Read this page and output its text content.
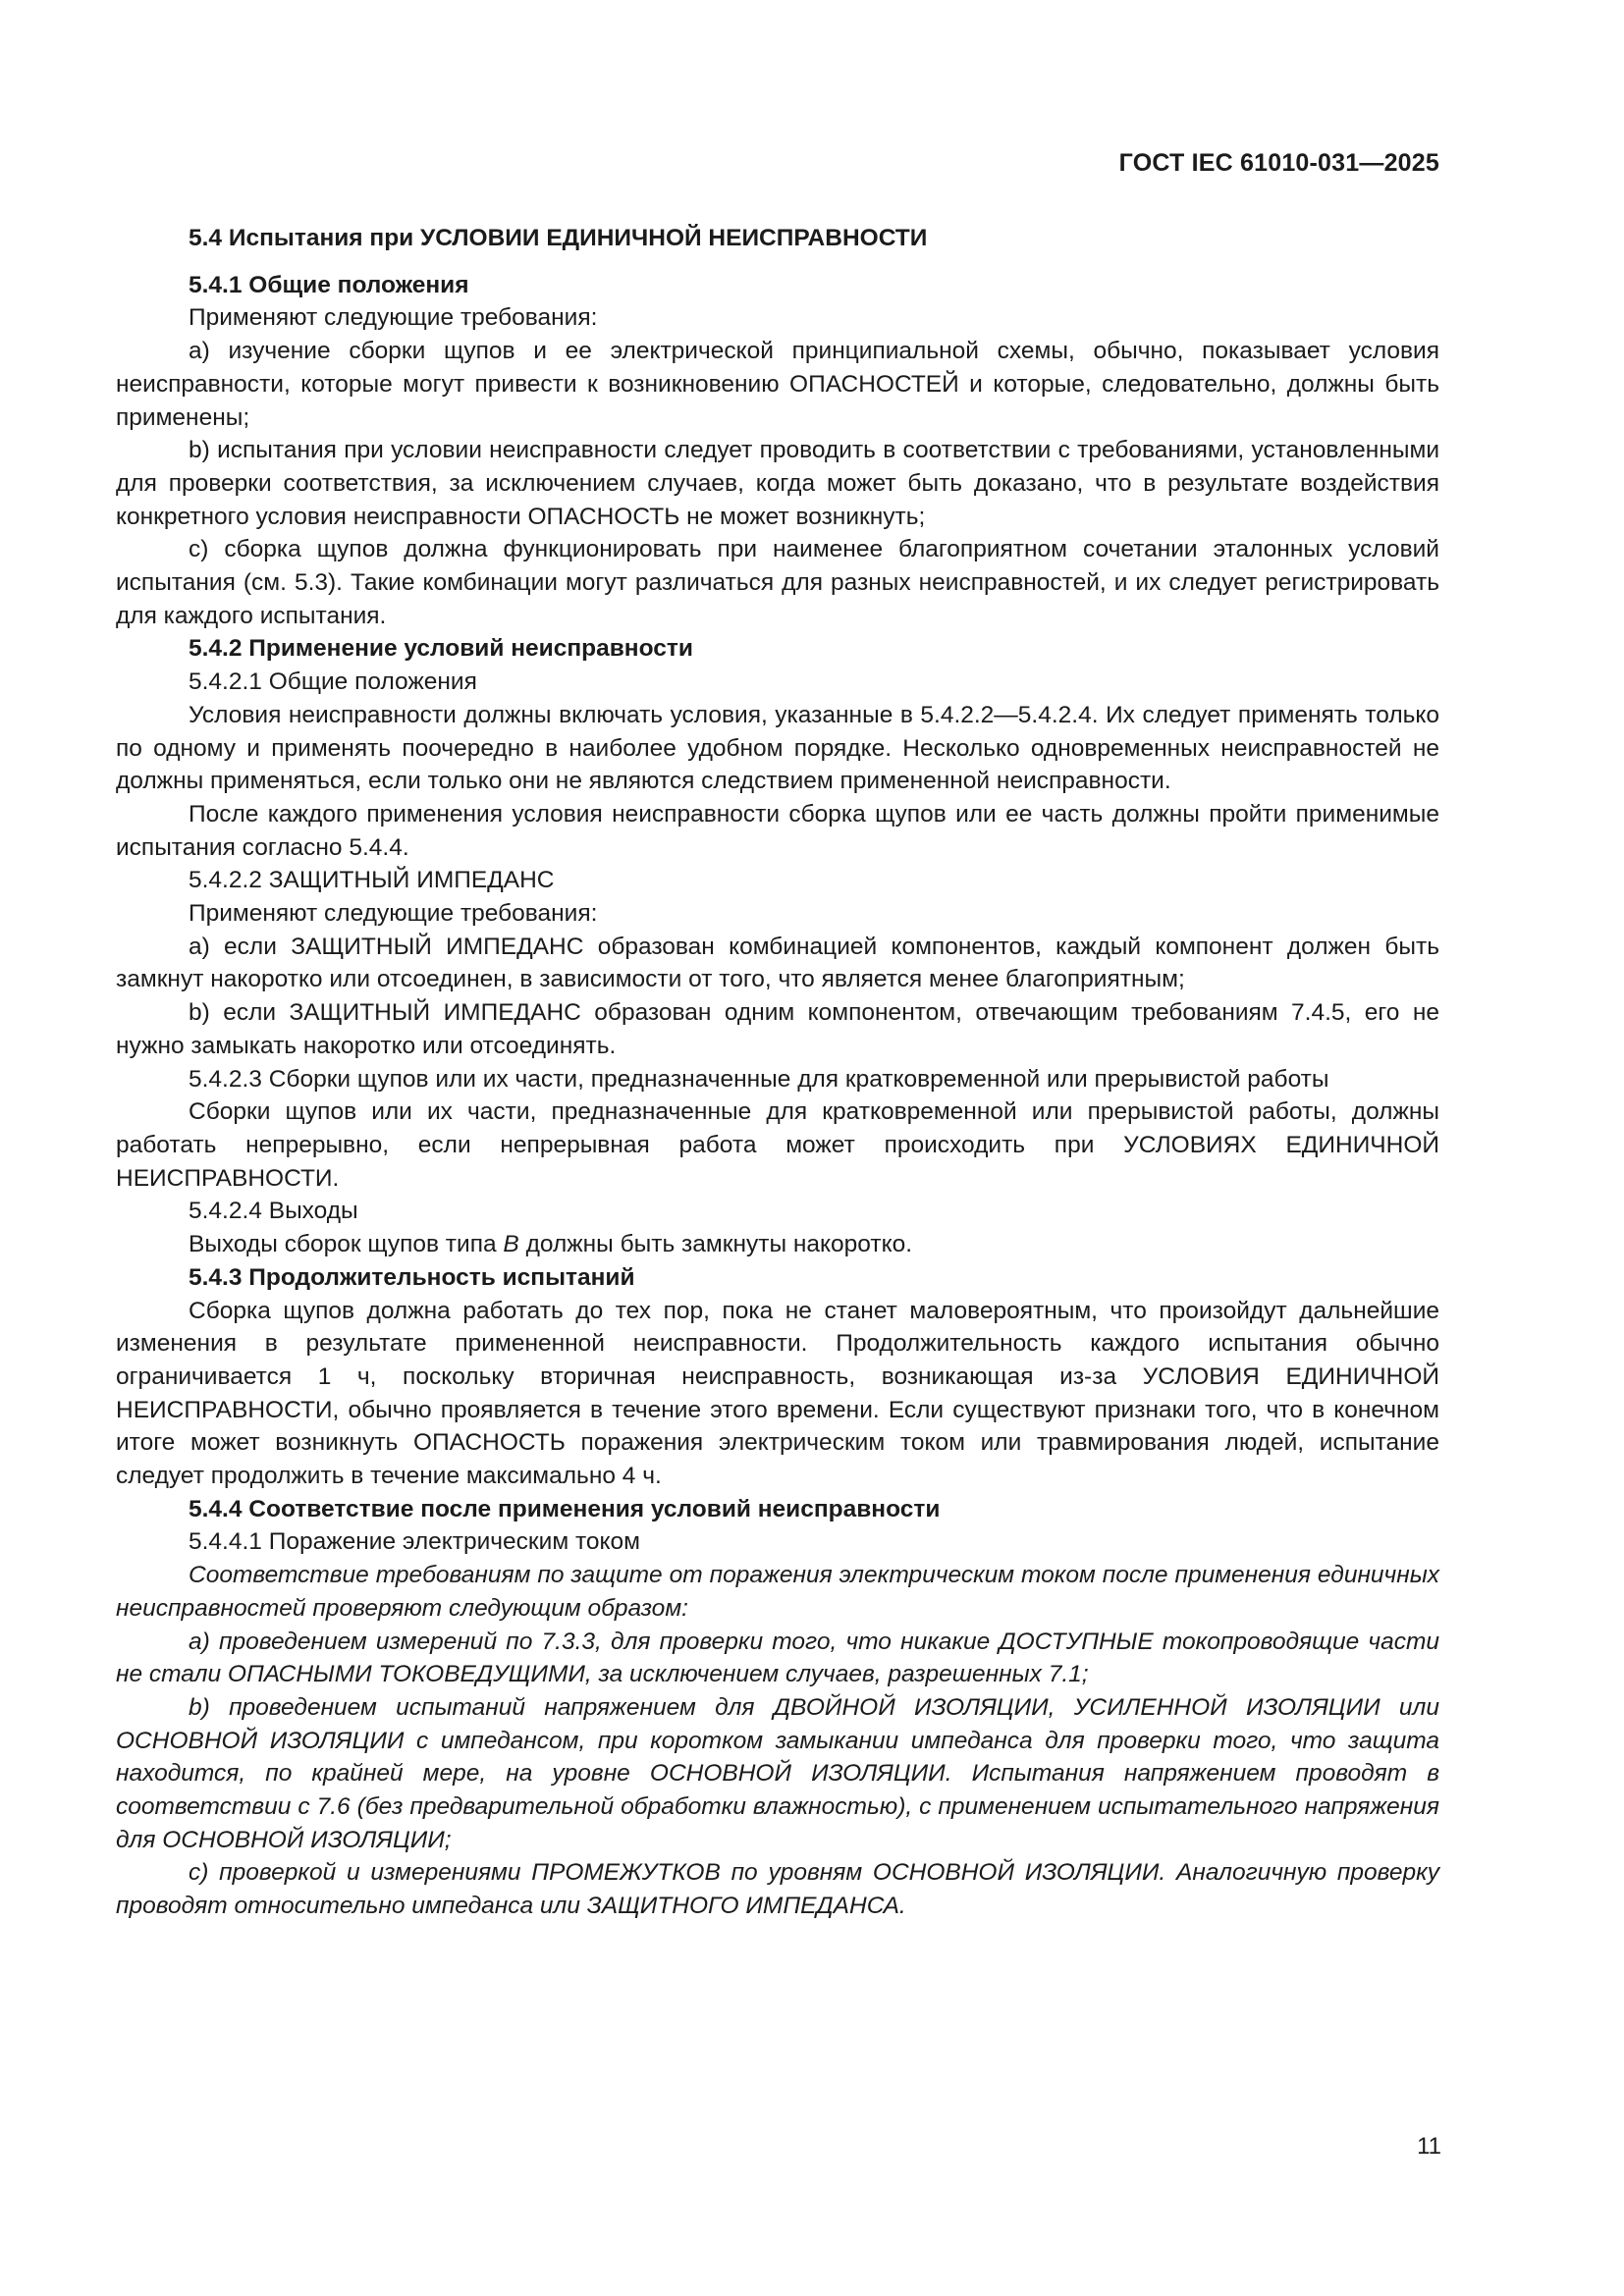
ГОСТ IEC 61010-031—2025

5.4 Испытания при УСЛОВИИ ЕДИНИЧНОЙ НЕИСПРАВНОСТИ

5.4.1 Общие положения

Применяют следующие требования:

a) изучение сборки щупов и ее электрической принципиальной схемы, обычно, показывает условия неисправности, которые могут привести к возникновению ОПАСНОСТЕЙ и которые, следовательно, должны быть применены;

b) испытания при условии неисправности следует проводить в соответствии с требованиями, установленными для проверки соответствия, за исключением случаев, когда может быть доказано, что в результате воздействия конкретного условия неисправности ОПАСНОСТЬ не может возникнуть;

c) сборка щупов должна функционировать при наименее благоприятном сочетании эталонных условий испытания (см. 5.3). Такие комбинации могут различаться для разных неисправностей, и их следует регистрировать для каждого испытания.

5.4.2 Применение условий неисправности

5.4.2.1 Общие положения

Условия неисправности должны включать условия, указанные в 5.4.2.2—5.4.2.4. Их следует применять только по одному и применять поочередно в наиболее удобном порядке. Несколько одновременных неисправностей не должны применяться, если только они не являются следствием примененной неисправности.

После каждого применения условия неисправности сборка щупов или ее часть должны пройти применимые испытания согласно 5.4.4.

5.4.2.2 ЗАЩИТНЫЙ ИМПЕДАНС

Применяют следующие требования:

a) если ЗАЩИТНЫЙ ИМПЕДАНС образован комбинацией компонентов, каждый компонент должен быть замкнут накоротко или отсоединен, в зависимости от того, что является менее благоприятным;

b) если ЗАЩИТНЫЙ ИМПЕДАНС образован одним компонентом, отвечающим требованиям 7.4.5, его не нужно замыкать накоротко или отсоединять.

5.4.2.3 Сборки щупов или их части, предназначенные для кратковременной или прерывистой работы

Сборки щупов или их части, предназначенные для кратковременной или прерывистой работы, должны работать непрерывно, если непрерывная работа может происходить при УСЛОВИЯХ ЕДИНИЧНОЙ НЕИСПРАВНОСТИ.

5.4.2.4 Выходы

Выходы сборок щупов типа B должны быть замкнуты накоротко.

5.4.3 Продолжительность испытаний

Сборка щупов должна работать до тех пор, пока не станет маловероятным, что произойдут дальнейшие изменения в результате примененной неисправности. Продолжительность каждого испытания обычно ограничивается 1 ч, поскольку вторичная неисправность, возникающая из-за УСЛОВИЯ ЕДИНИЧНОЙ НЕИСПРАВНОСТИ, обычно проявляется в течение этого времени. Если существуют признаки того, что в конечном итоге может возникнуть ОПАСНОСТЬ поражения электрическим током или травмирования людей, испытание следует продолжить в течение максимально 4 ч.

5.4.4 Соответствие после применения условий неисправности

5.4.4.1 Поражение электрическим током

Соответствие требованиям по защите от поражения электрическим током после применения единичных неисправностей проверяют следующим образом:

a) проведением измерений по 7.3.3, для проверки того, что никакие ДОСТУПНЫЕ токопроводящие части не стали ОПАСНЫМИ ТОКОВЕДУЩИМИ, за исключением случаев, разрешенных 7.1;

b) проведением испытаний напряжением для ДВОЙНОЙ ИЗОЛЯЦИИ, УСИЛЕННОЙ ИЗОЛЯЦИИ или ОСНОВНОЙ ИЗОЛЯЦИИ с импедансом, при коротком замыкании импеданса для проверки того, что защита находится, по крайней мере, на уровне ОСНОВНОЙ ИЗОЛЯЦИИ. Испытания напряжением проводят в соответствии с 7.6 (без предварительной обработки влажностью), с применением испытательного напряжения для ОСНОВНОЙ ИЗОЛЯЦИИ;

c) проверкой и измерениями ПРОМЕЖУТКОВ по уровням ОСНОВНОЙ ИЗОЛЯЦИИ. Аналогичную проверку проводят относительно импеданса или ЗАЩИТНОГО ИМПЕДАНСА.

11
